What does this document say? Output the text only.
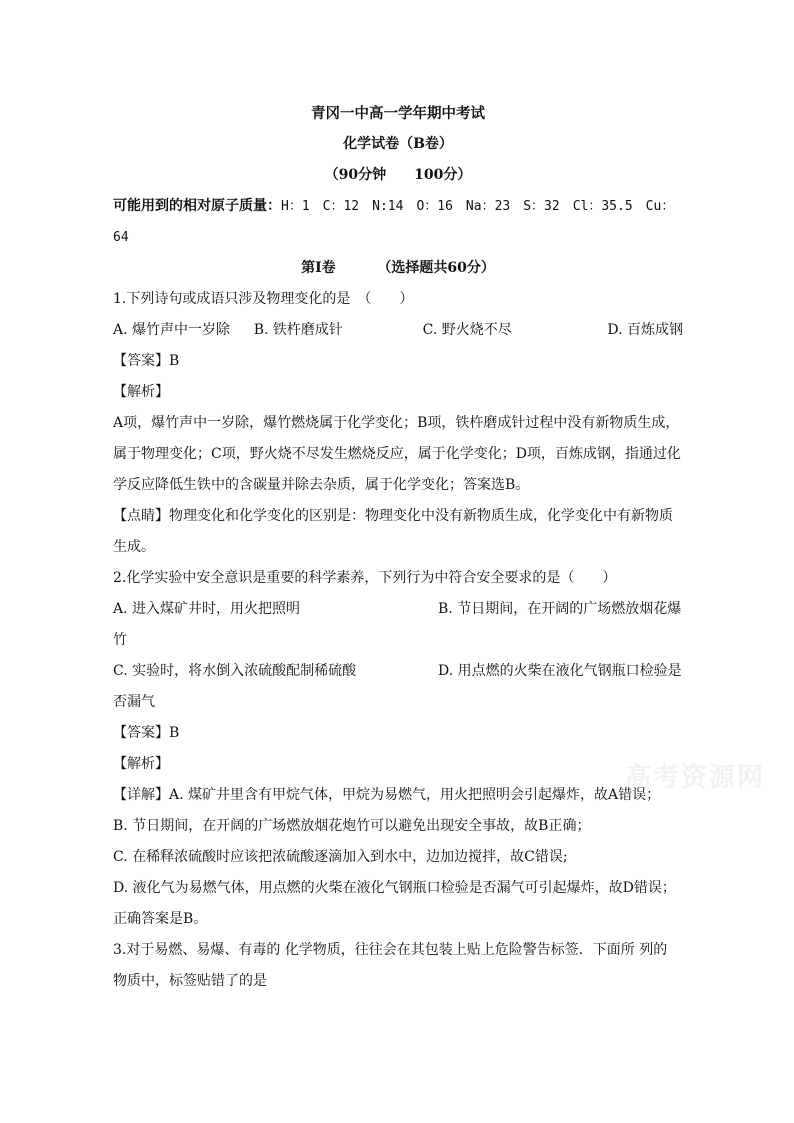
青冈一中高一学年期中考试
化学试卷（B卷）
（90分钟　　100分）
可能用到的相对原子质量：H：1　C：12　N:14　O：16　Na：23　S：32　Cl：35.5　Cu：
64
第Ⅰ卷	（选择题共60分）
1.下列诗句或成语只涉及物理变化的是　（　　）
A. 爆竹声中一岁除	B. 铁杵磨成针	C. 野火烧不尽	D. 百炼成钢
【答案】B
【解析】
A项，爆竹声中一岁除，爆竹燃烧属于化学变化；B项，铁杵磨成针过程中没有新物质生成，
属于物理变化；C项，野火烧不尽发生燃烧反应，属于化学变化；D项，百炼成钢，指通过化
学反应降低生铁中的含碳量并除去杂质，属于化学变化；答案选B。
【点睛】物理变化和化学变化的区别是：物理变化中没有新物质生成，化学变化中有新物质
生成。
2.化学实验中安全意识是重要的科学素养，下列行为中符合安全要求的是（　　）
A. 进入煤矿井时，用火把照明	B. 节日期间，在开阔的广场燃放烟花爆
竹
C. 实验时，将水倒入浓硫酸配制稀硫酸	D. 用点燃的火柴在液化气钢瓶口检验是
否漏气
【答案】B
【解析】
【详解】A. 煤矿井里含有甲烷气体，甲烷为易燃气，用火把照明会引起爆炸，故A错误；
B. 节日期间，在开阔的广场燃放烟花炮竹可以避免出现安全事故，故B正确；
C. 在稀释浓硫酸时应该把浓硫酸逐滴加入到水中，边加边搅拌，故C错误;
D. 液化气为易燃气体，用点燃的火柴在液化气钢瓶口检验是否漏气可引起爆炸，故D错误；
正确答案是B。
3.对于易燃、易爆、有毒的 化学物质，往往会在其包装上贴上危险警告标签．下面所 列的
物质中，标签贴错了的是
高考资源网
